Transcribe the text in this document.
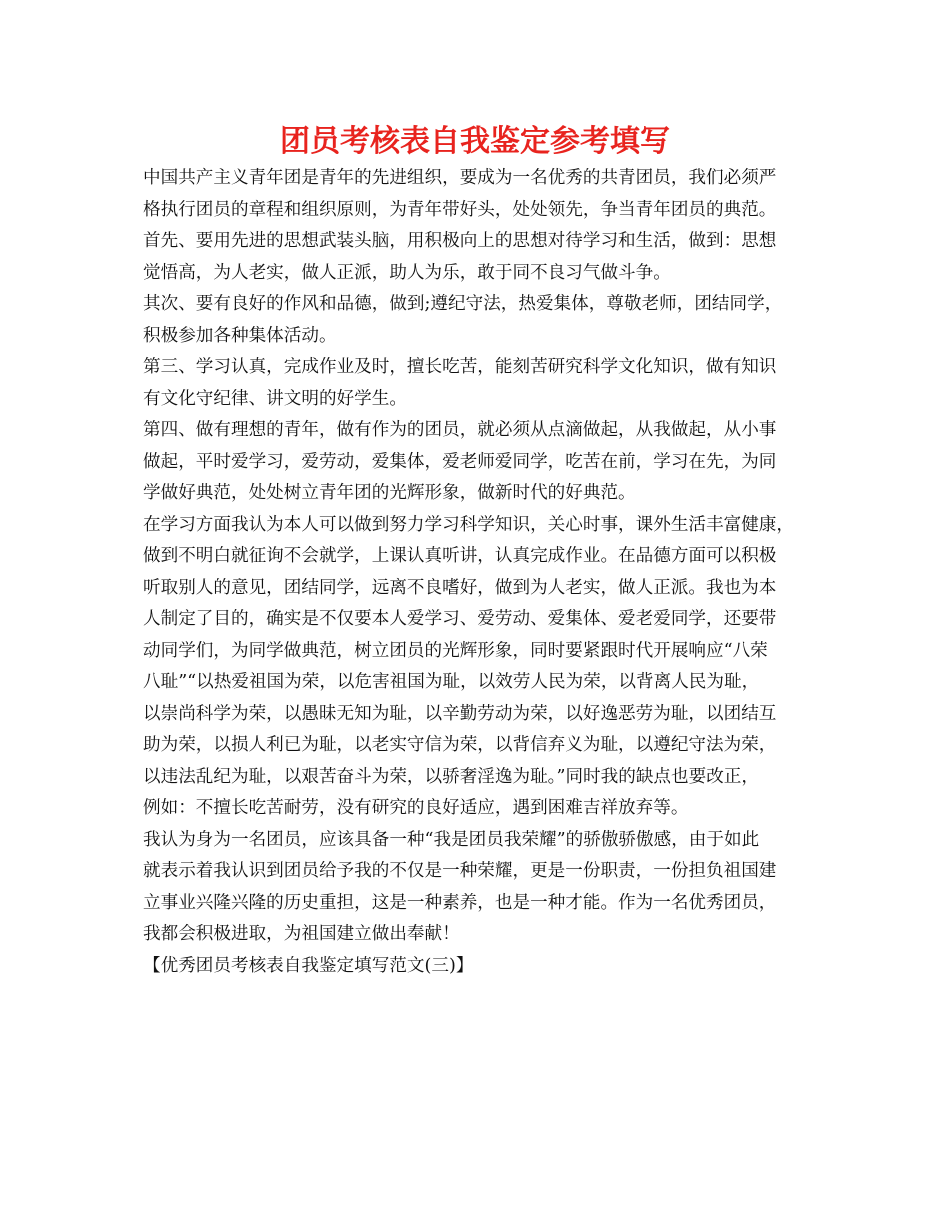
团员考核表自我鉴定参考填写
中国共产主义青年团是青年的先进组织，要成为一名优秀的共青团员，我们必须严
格执行团员的章程和组织原则，为青年带好头，处处领先，争当青年团员的典范。
首先、要用先进的思想武装头脑，用积极向上的思想对待学习和生活，做到：思想
觉悟高，为人老实，做人正派，助人为乐，敢于同不良习气做斗争。
其次、要有良好的作风和品德，做到;遵纪守法，热爱集体，尊敬老师，团结同学，
积极参加各种集体活动。
第三、学习认真，完成作业及时，擅长吃苦，能刻苦研究科学文化知识，做有知识
有文化守纪律、讲文明的好学生。
第四、做有理想的青年，做有作为的团员，就必须从点滴做起，从我做起，从小事
做起，平时爱学习，爱劳动，爱集体，爱老师爱同学，吃苦在前，学习在先，为同
学做好典范，处处树立青年团的光辉形象，做新时代的好典范。
在学习方面我认为本人可以做到努力学习科学知识，关心时事，课外生活丰富健康，
做到不明白就征询不会就学，上课认真听讲，认真完成作业。在品德方面可以积极
听取别人的意见，团结同学，远离不良嗜好，做到为人老实，做人正派。我也为本
人制定了目的，确实是不仅要本人爱学习、爱劳动、爱集体、爱老爱同学，还要带
动同学们，为同学做典范，树立团员的光辉形象，同时要紧跟时代开展响应“八荣
八耻”“以热爱祖国为荣，以危害祖国为耻，以效劳人民为荣，以背离人民为耻，
以崇尚科学为荣，以愚昧无知为耻，以辛勤劳动为荣，以好逸恶劳为耻，以团结互
助为荣，以损人利已为耻，以老实守信为荣，以背信弃义为耻，以遵纪守法为荣，
以违法乱纪为耻，以艰苦奋斗为荣，以骄奢淫逸为耻。”同时我的缺点也要改正，
例如：不擅长吃苦耐劳，没有研究的良好适应，遇到困难吉祥放弃等。
我认为身为一名团员，应该具备一种“我是团员我荣耀”的骄傲骄傲感，由于如此
就表示着我认识到团员给予我的不仅是一种荣耀，更是一份职责，一份担负祖国建
立事业兴隆兴隆的历史重担，这是一种素养，也是一种才能。作为一名优秀团员，
我都会积极进取，为祖国建立做出奉献！
【优秀团员考核表自我鉴定填写范文(三)】
